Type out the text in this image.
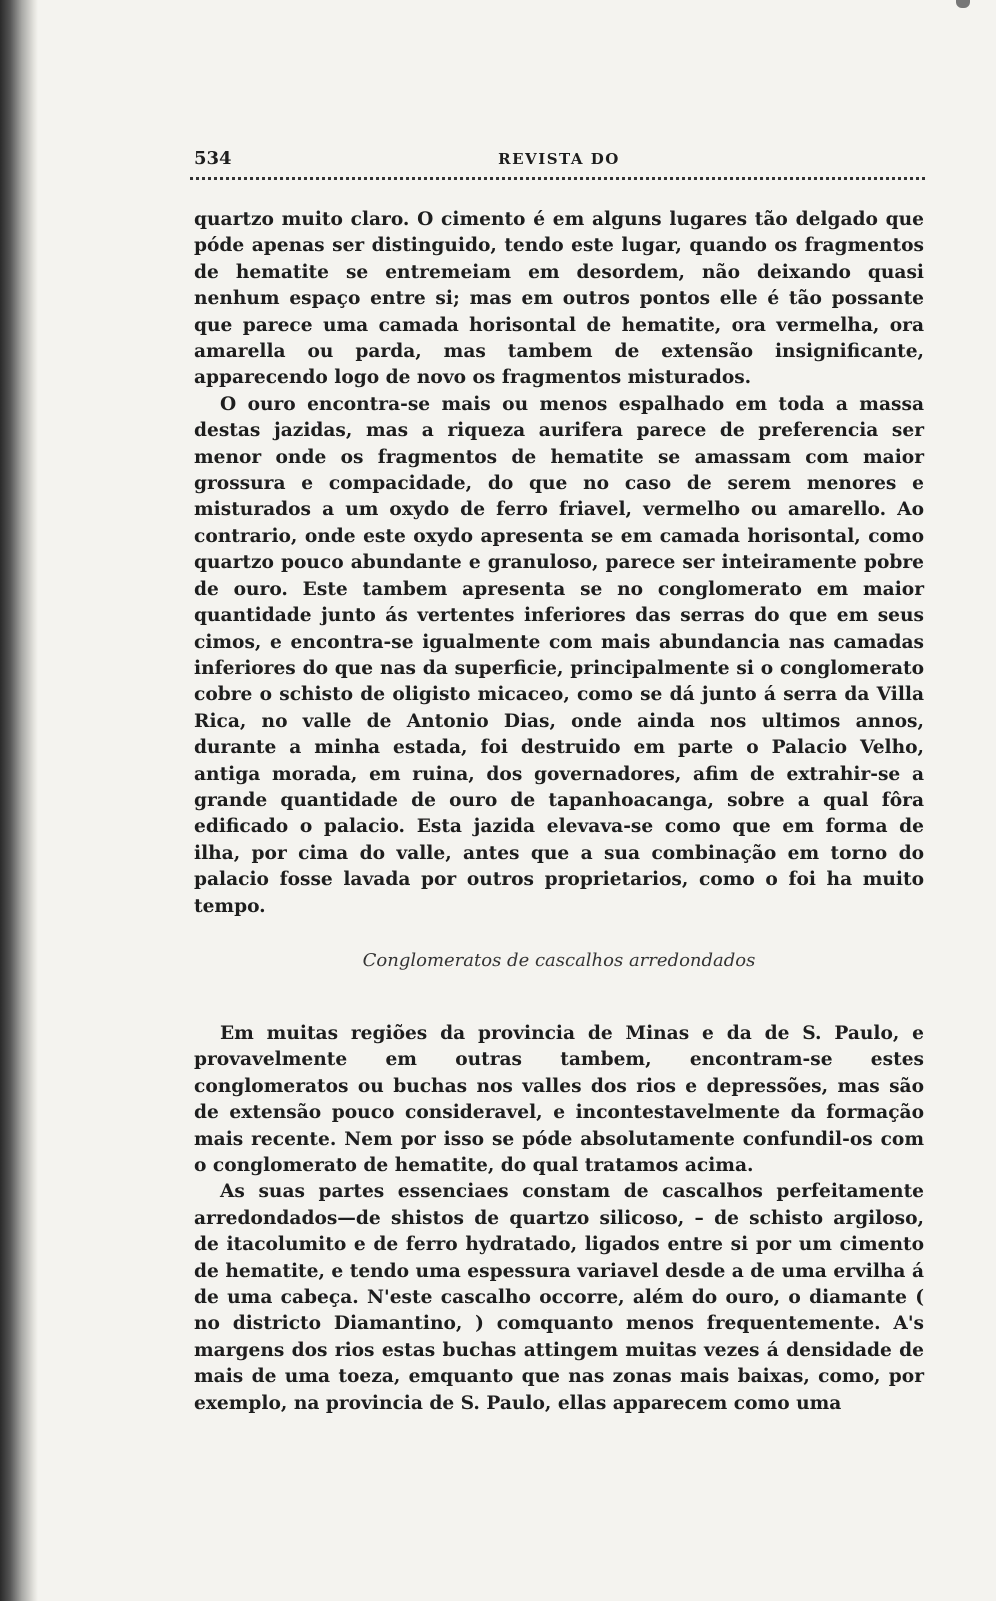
534	REVISTA DO

quartzo muito claro. O cimento é em alguns lugares tão delgado que póde apenas ser distinguido, tendo este lugar, quando os fragmentos de hematite se entremeiam em desordem, não deixando quasi nenhum espaço entre si; mas em outros pontos elle é tão possante que parece uma camada horisontal de hematite, ora vermelha, ora amarella ou parda, mas tambem de extensão insignificante, apparecendo logo de novo os fragmentos misturados.

O ouro encontra-se mais ou menos espalhado em toda a massa destas jazidas, mas a riqueza aurifera parece de preferencia ser menor onde os fragmentos de hematite se amassam com maior grossura e compacidade, do que no caso de serem menores e misturados a um oxydo de ferro friavel, vermelho ou amarello. Ao contrario, onde este oxydo apresenta se em camada horisontal, como quartzo pouco abundante e granuloso, parece ser inteiramente pobre de ouro. Este tambem apresenta se no conglomerato em maior quantidade junto ás vertentes inferiores das serras do que em seus cimos, e encontra-se igualmente com mais abundancia nas camadas inferiores do que nas da superficie, principalmente si o conglomerato cobre o schisto de oligisto micaceo, como se dá junto á serra da Villa Rica, no valle de Antonio Dias, onde ainda nos ultimos annos, durante a minha estada, foi destruido em parte o Palacio Velho, antiga morada, em ruina, dos governadores, afim de extrahir-se a grande quantidade de ouro de tapanhoacanga, sobre a qual fôra edificado o palacio. Esta jazida elevava-se como que em forma de ilha, por cima do valle, antes que a sua combinação em torno do palacio fosse lavada por outros proprietarios, como o foi ha muito tempo.

Conglomeratos de cascalhos arredondados

Em muitas regiões da provincia de Minas e da de S. Paulo, e provavelmente em outras tambem, encontram-se estes conglomeratos ou buchas nos valles dos rios e depressões, mas são de extensão pouco consideravel, e incontestavelmente da formação mais recente. Nem por isso se póde absolutamente confundil-os com o conglomerato de hematite, do qual tratamos acima.

As suas partes essenciaes constam de cascalhos perfeitamente arredondados—de shistos de quartzo silicoso, – de schisto argiloso, de itacolumito e de ferro hydratado, ligados entre si por um cimento de hematite, e tendo uma espessura variavel desde a de uma ervilha á de uma cabeça. N'este cascalho occorre, além do ouro, o diamante ( no districto Diamantino, ) comquanto menos frequentemente. A's margens dos rios estas buchas attingem muitas vezes á densidade de mais de uma toeza, emquanto que nas zonas mais baixas, como, por exemplo, na provincia de S. Paulo, ellas apparecem como uma
